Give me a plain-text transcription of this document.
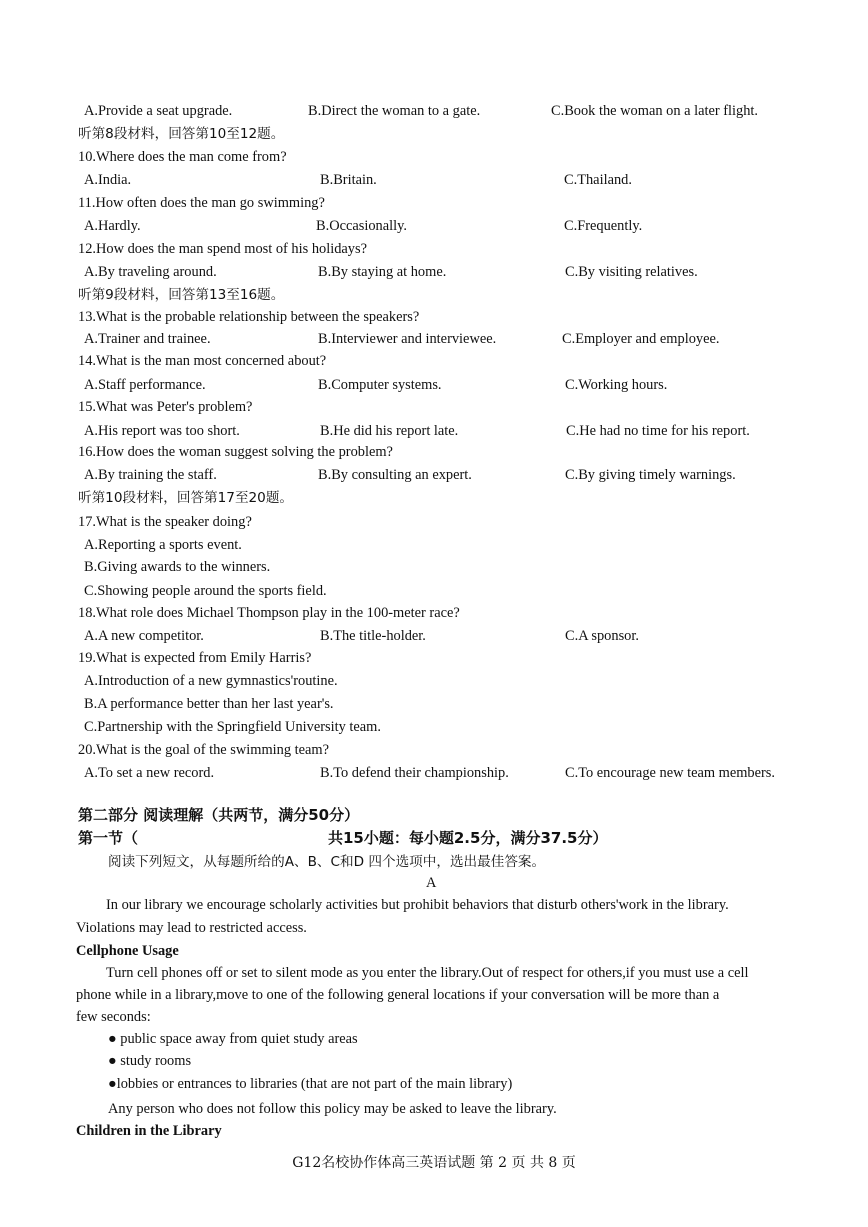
A.Provide a seat upgrade.	B.Direct the woman to a gate.	C.Book the woman on a later flight.
听第8段材料，回答第10至12题。
10.Where does the man come from?
A.India.	B.Britain.	C.Thailand.
11.How often does the man go swimming?
A.Hardly.	B.Occasionally.	C.Frequently.
12.How does the man spend most of his holidays?
A.By traveling around.	B.By staying at home.	C.By visiting relatives.
听第9段材料，回答第13至16题。
13.What is the probable relationship between the speakers?
A.Trainer and trainee.	B.Interviewer and interviewee.	C.Employer and employee.
14.What is the man most concerned about?
A.Staff performance.	B.Computer systems.	C.Working hours.
15.What was Peter's problem?
A.His report was too short.	B.He did his report late.	C.He had no time for his report.
16.How does the woman suggest solving the problem?
A.By training the staff.	B.By consulting an expert.	C.By giving timely warnings.
听第10段材料，回答第17至20题。
17.What is the speaker doing?
A.Reporting a sports event.
B.Giving awards to the winners.
C.Showing people around the sports field.
18.What role does Michael Thompson play in the 100-meter race?
A.A new competitor.	B.The title-holder.	C.A sponsor.
19.What is expected from Emily Harris?
A.Introduction of a new gymnastics'routine.
B.A performance better than her last year's.
C.Partnership with the Springfield University team.
20.What is the goal of the swimming team?
A.To set a new record.	B.To defend their championship.	C.To encourage new team members.
第二部分 阅读理解（共两节，满分50分）
第一节（	共15小题：每小题2.5分，满分37.5分）
阅读下列短文，从每题所给的A、B、C和D 四个选项中，选出最佳答案。
A
In our library we encourage scholarly activities but prohibit behaviors that disturb others'work in the library.
Violations may lead to restricted access.
Cellphone Usage
Turn cell phones off or set to silent mode as you enter the library.Out of respect for others,if you must use a cell
phone while in a library,move to one of the following general locations if your conversation will be more than a
few seconds:
● public space away from quiet study areas
● study rooms
●lobbies or entrances to libraries (that are not part of the main library)
Any person who does not follow this policy may be asked to leave the library.
Children in the Library
G12名校协作体高三英语试题 第 2 页 共 8 页
